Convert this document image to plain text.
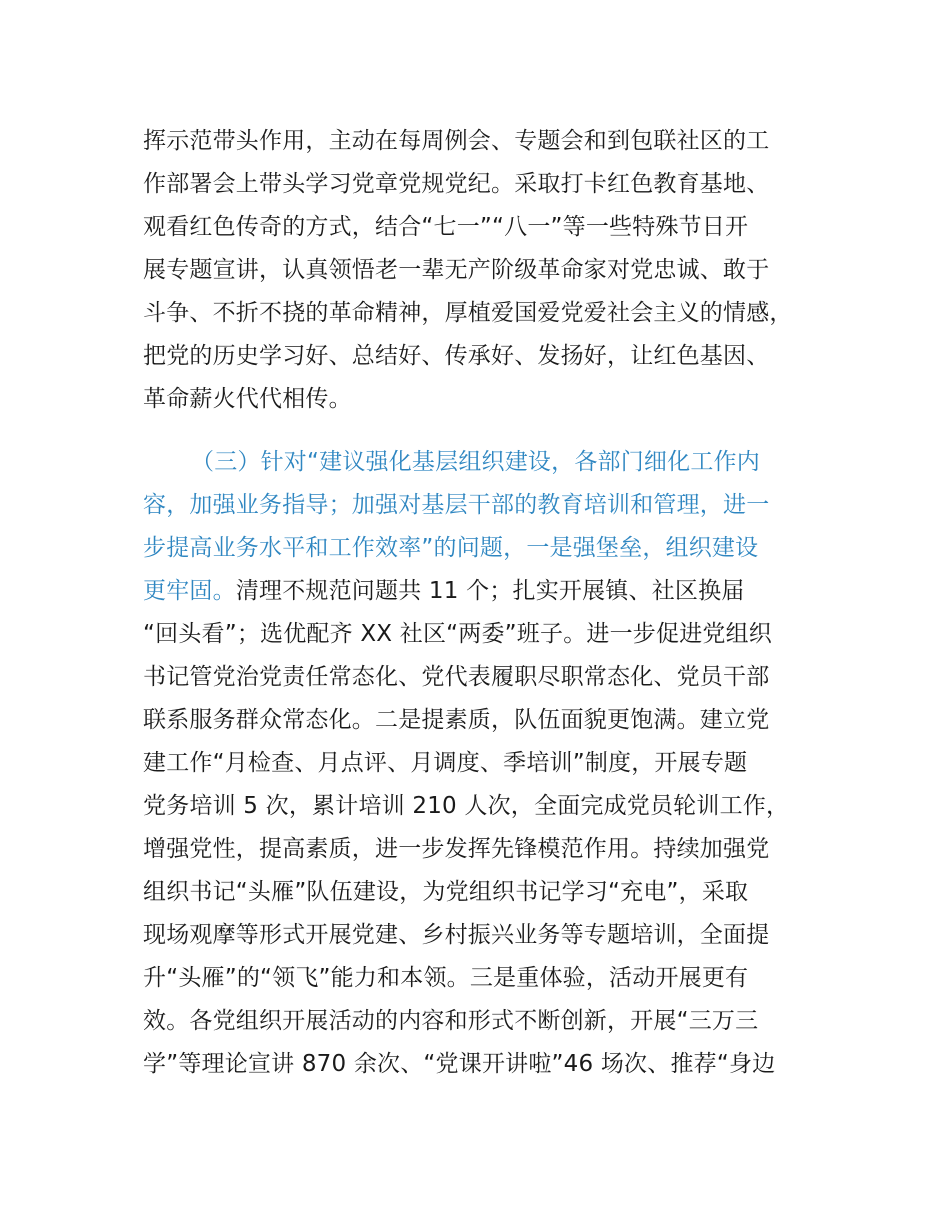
挥示范带头作用，主动在每周例会、专题会和到包联社区的工
作部署会上带头学习党章党规党纪。采取打卡红色教育基地、
观看红色传奇的方式，结合“七一”“八一”等一些特殊节日开
展专题宣讲，认真领悟老一辈无产阶级革命家对党忠诚、敢于
斗争、不折不挠的革命精神，厚植爱国爱党爱社会主义的情感，
把党的历史学习好、总结好、传承好、发扬好，让红色基因、
革命薪火代代相传。
（三）针对“建议强化基层组织建设，各部门细化工作内
容，加强业务指导；加强对基层干部的教育培训和管理，进一
步提高业务水平和工作效率”的问题，一是强堡垒，组织建设
更牢固。清理不规范问题共 11 个；扎实开展镇、社区换届
“回头看”；选优配齐 XX 社区“两委”班子。进一步促进党组织
书记管党治党责任常态化、党代表履职尽职常态化、党员干部
联系服务群众常态化。二是提素质，队伍面貌更饱满。建立党
建工作“月检查、月点评、月调度、季培训”制度，开展专题
党务培训 5 次，累计培训 210 人次，全面完成党员轮训工作，
增强党性，提高素质，进一步发挥先锋模范作用。持续加强党
组织书记“头雁”队伍建设，为党组织书记学习“充电”，采取
现场观摩等形式开展党建、乡村振兴业务等专题培训，全面提
升“头雁”的“领飞”能力和本领。三是重体验，活动开展更有
效。各党组织开展活动的内容和形式不断创新，开展“三万三
学”等理论宣讲 870 余次、“党课开讲啦”46 场次、推荐“身边
